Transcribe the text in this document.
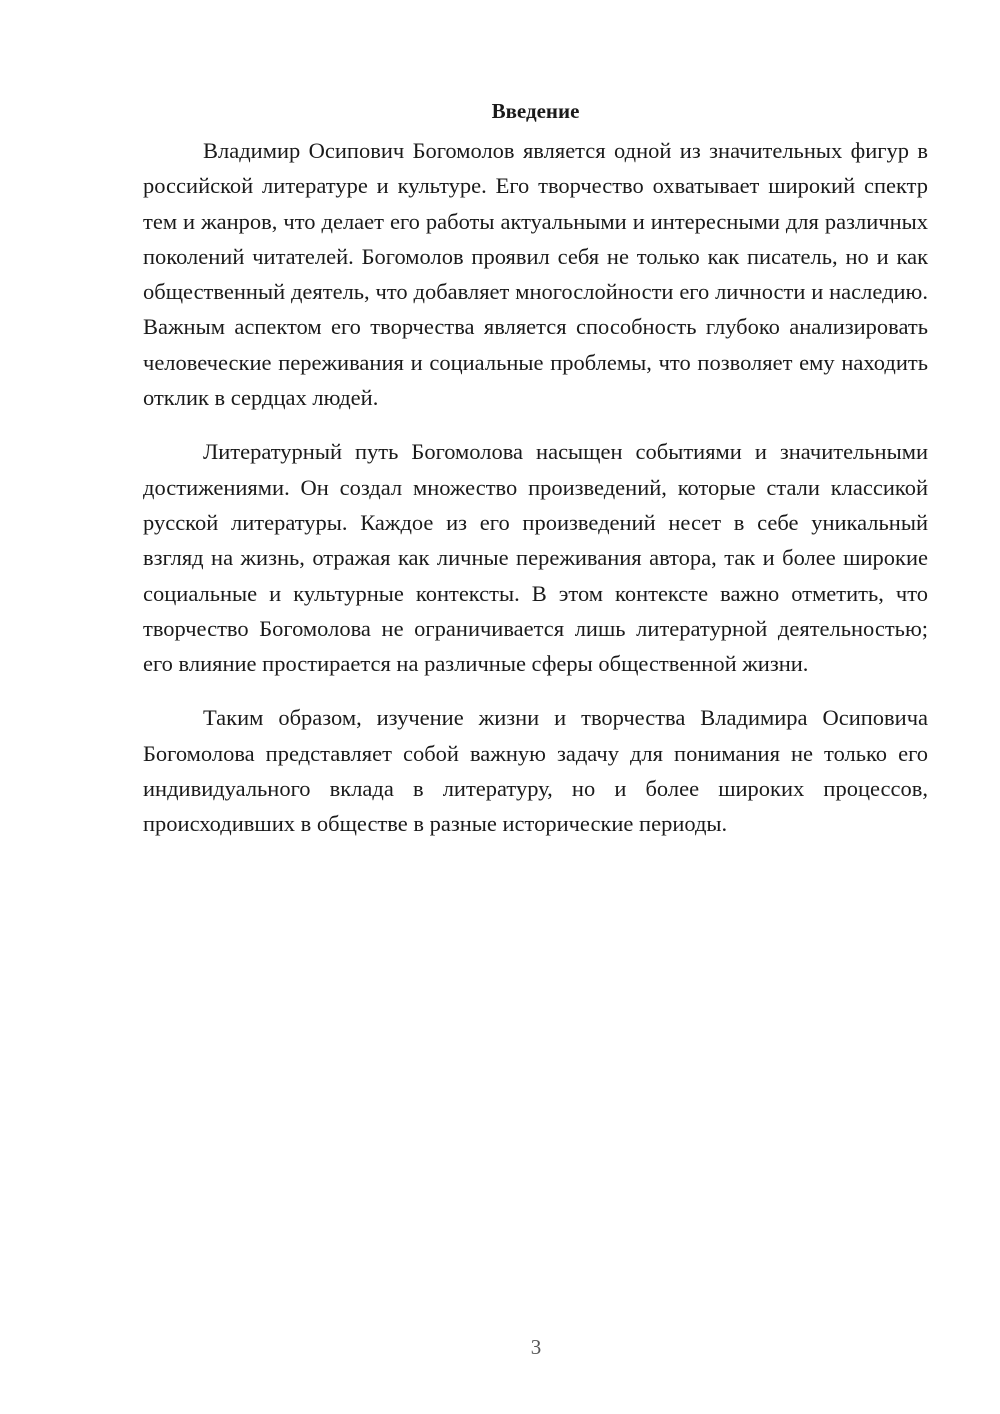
Введение

Владимир Осипович Богомолов является одной из значительных фигур в российской литературе и культуре. Его творчество охватывает широкий спектр тем и жанров, что делает его работы актуальными и интересными для различных поколений читателей. Богомолов проявил себя не только как писатель, но и как общественный деятель, что добавляет многослойности его личности и наследию. Важным аспектом его творчества является способность глубоко анализировать человеческие переживания и социальные проблемы, что позволяет ему находить отклик в сердцах людей.

Литературный путь Богомолова насыщен событиями и значительными достижениями. Он создал множество произведений, которые стали классикой русской литературы. Каждое из его произведений несет в себе уникальный взгляд на жизнь, отражая как личные переживания автора, так и более широкие социальные и культурные контексты. В этом контексте важно отметить, что творчество Богомолова не ограничивается лишь литературной деятельностью; его влияние простирается на различные сферы общественной жизни.

Таким образом, изучение жизни и творчества Владимира Осиповича Богомолова представляет собой важную задачу для понимания не только его индивидуального вклада в литературу, но и более широких процессов, происходивших в обществе в разные исторические периоды.

3
